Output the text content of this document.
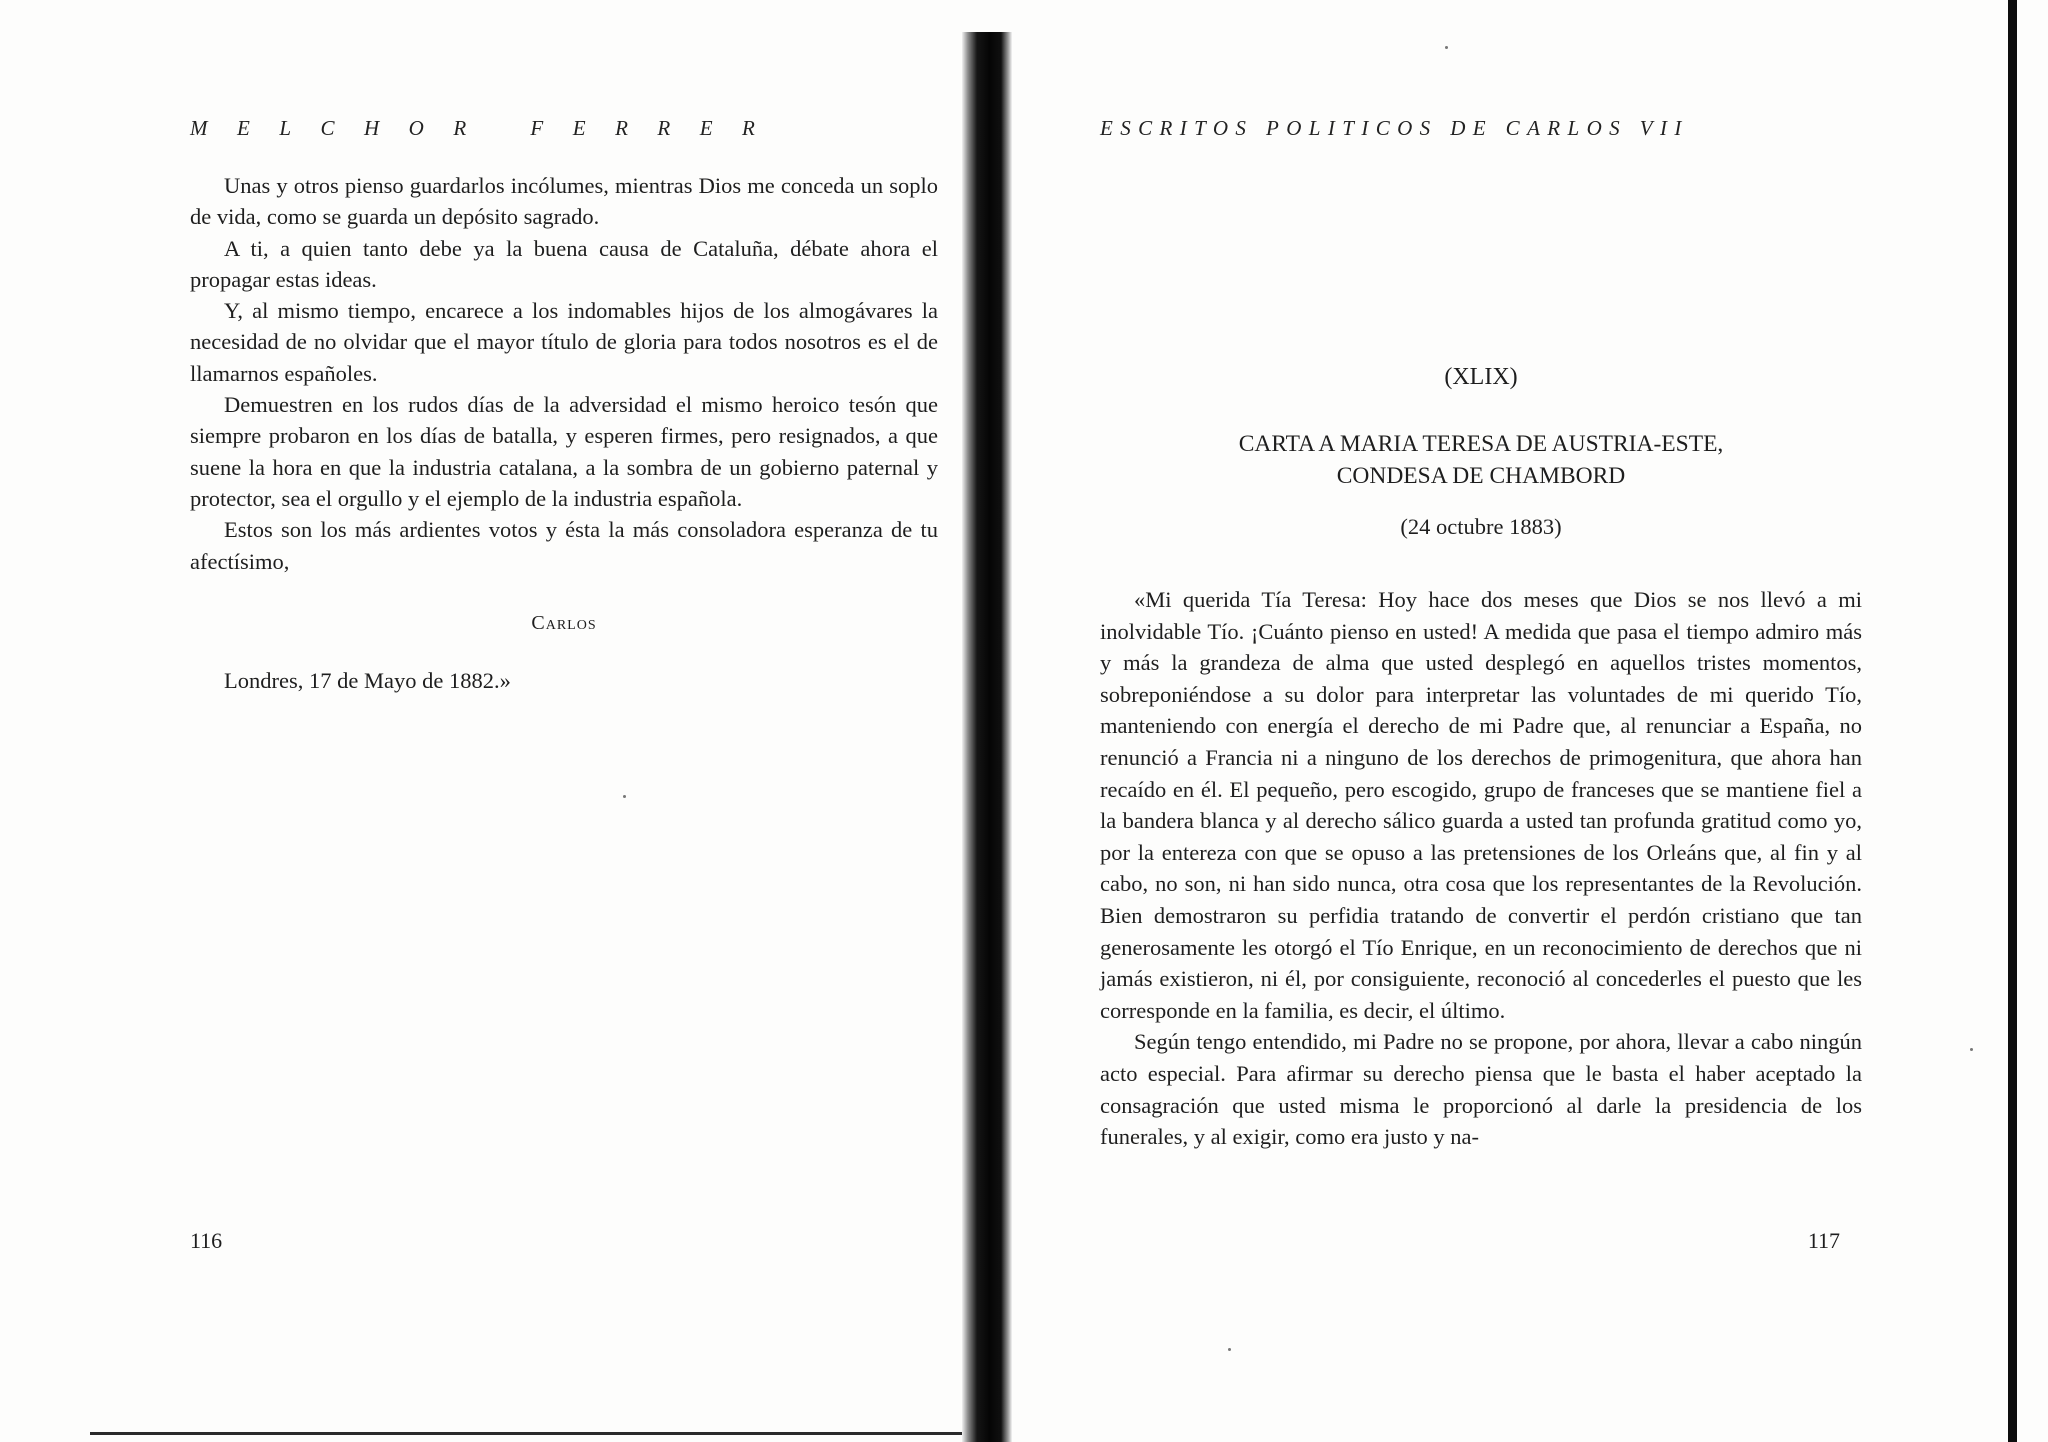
MELCHOR FERRER

Unas y otros pienso guardarlos incólumes, mientras Dios me conceda un soplo de vida, como se guarda un depósito sagrado.

A ti, a quien tanto debe ya la buena causa de Cataluña, débate ahora el propagar estas ideas.

Y, al mismo tiempo, encarece a los indomables hijos de los almogávares la necesidad de no olvidar que el mayor título de gloria para todos nosotros es el de llamarnos españoles.

Demuestren en los rudos días de la adversidad el mismo heroico tesón que siempre probaron en los días de batalla, y esperen firmes, pero resignados, a que suene la hora en que la industria catalana, a la sombra de un gobierno paternal y protector, sea el orgullo y el ejemplo de la industria española.

Estos son los más ardientes votos y ésta la más consoladora esperanza de tu afectísimo,

Carlos
Londres, 17 de Mayo de 1882.»
116
ESCRITOS POLITICOS DE CARLOS VII
(XLIX)
CARTA A MARIA TERESA DE AUSTRIA-ESTE,
CONDESA DE CHAMBORD
(24 octubre 1883)

«Mi querida Tía Teresa: Hoy hace dos meses que Dios se nos llevó a mi inolvidable Tío. ¡Cuánto pienso en usted! A medida que pasa el tiempo admiro más y más la grandeza de alma que usted desplegó en aquellos tristes momentos, sobreponiéndose a su dolor para interpretar las voluntades de mi querido Tío, manteniendo con energía el derecho de mi Padre que, al renunciar a España, no renunció a Francia ni a ninguno de los derechos de primogenitura, que ahora han recaído en él. El pequeño, pero escogido, grupo de franceses que se mantiene fiel a la bandera blanca y al derecho sálico guarda a usted tan profunda gratitud como yo, por la entereza con que se opuso a las pretensiones de los Orleáns que, al fin y al cabo, no son, ni han sido nunca, otra cosa que los representantes de la Revolución. Bien demostraron su perfidia tratando de convertir el perdón cristiano que tan generosamente les otorgó el Tío Enrique, en un reconocimiento de derechos que ni jamás existieron, ni él, por consiguiente, reconoció al concederles el puesto que les corresponde en la familia, es decir, el último.

Según tengo entendido, mi Padre no se propone, por ahora, llevar a cabo ningún acto especial. Para afirmar su derecho piensa que le basta el haber aceptado la consagración que usted misma le proporcionó al darle la presidencia de los funerales, y al exigir, como era justo y na-

117
